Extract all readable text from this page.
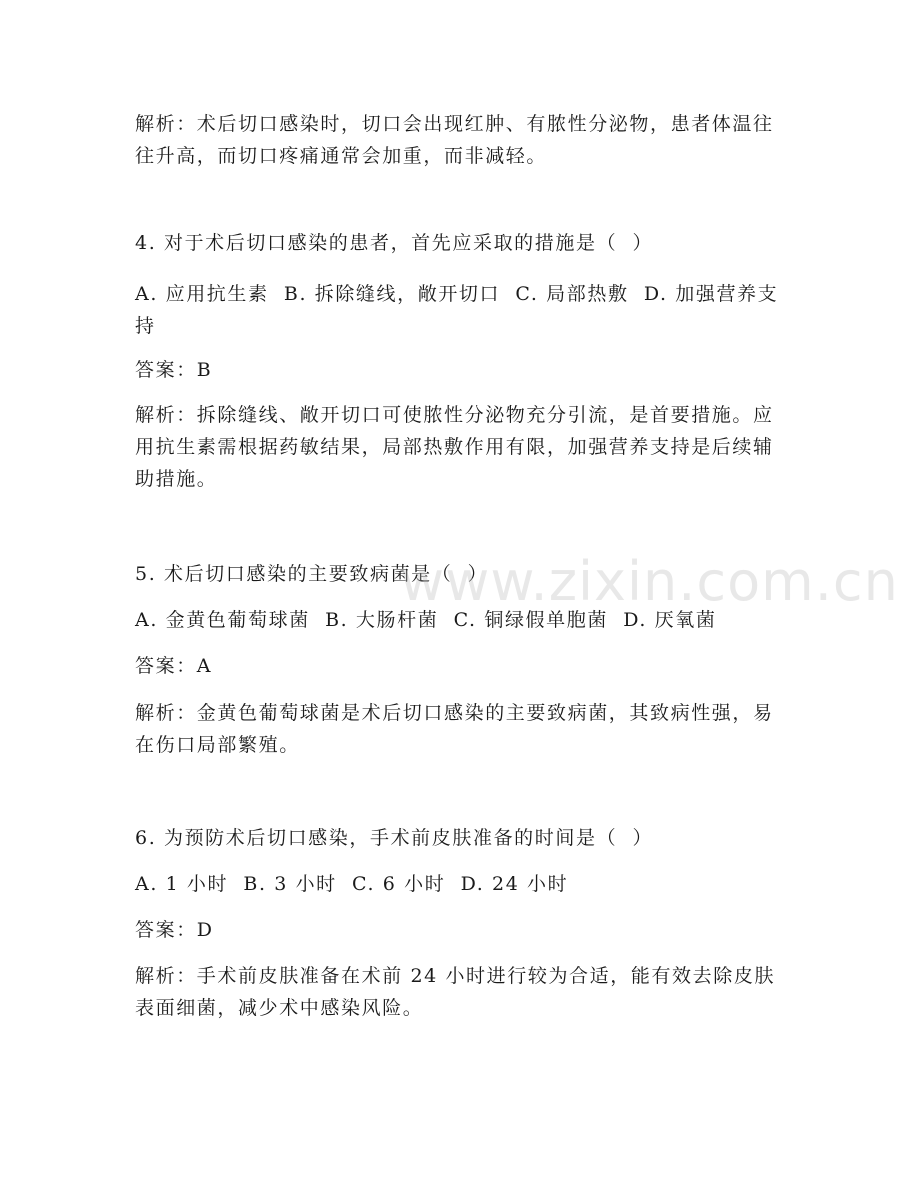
解析：术后切口感染时，切口会出现红肿、有脓性分泌物，患者体温往往升高，而切口疼痛通常会加重，而非减轻。

4. 对于术后切口感染的患者，首先应采取的措施是（  ）

A. 应用抗生素  B. 拆除缝线，敞开切口  C. 局部热敷  D. 加强营养支持

答案：B

解析：拆除缝线、敞开切口可使脓性分泌物充分引流，是首要措施。应用抗生素需根据药敏结果，局部热敷作用有限，加强营养支持是后续辅助措施。

5. 术后切口感染的主要致病菌是（  ）

A. 金黄色葡萄球菌  B. 大肠杆菌  C. 铜绿假单胞菌  D. 厌氧菌

答案：A

解析：金黄色葡萄球菌是术后切口感染的主要致病菌，其致病性强，易在伤口局部繁殖。

6. 为预防术后切口感染，手术前皮肤准备的时间是（  ）

A. 1 小时  B. 3 小时  C. 6 小时  D. 24 小时

答案：D

解析：手术前皮肤准备在术前 24 小时进行较为合适，能有效去除皮肤表面细菌，减少术中感染风险。

www.zixin.com.cn
